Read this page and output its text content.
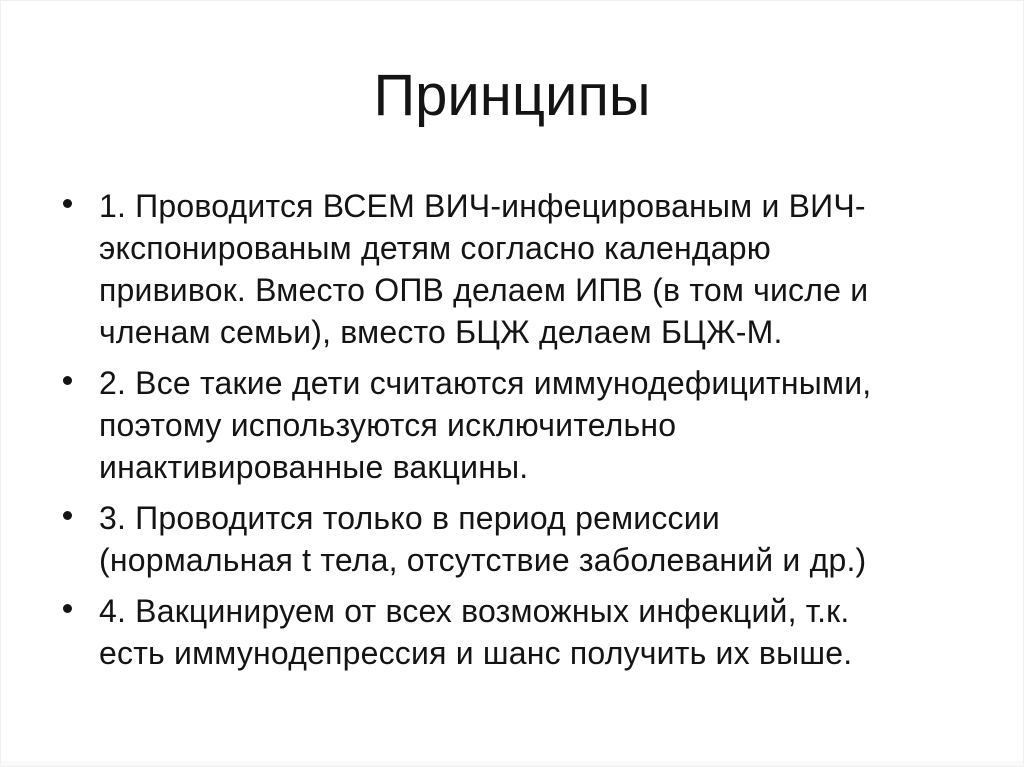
Принципы
1. Проводится ВСЕМ ВИЧ-инфецированым и ВИЧ-
экспонированым детям согласно календарю
прививок. Вместо ОПВ делаем ИПВ (в том числе и
членам семьи), вместо БЦЖ делаем БЦЖ-М.
2. Все такие дети считаются иммунодефицитными,
поэтому используются исключительно
инактивированные вакцины.
3. Проводится только в период ремиссии
(нормальная t тела, отсутствие заболеваний и др.)
4. Вакцинируем от всех возможных инфекций, т.к.
есть иммунодепрессия и шанс получить их выше.
